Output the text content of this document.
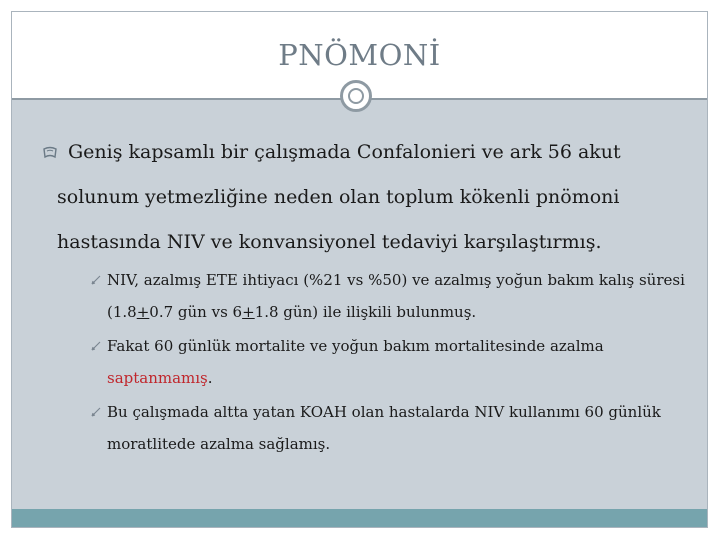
PNÖMONİ
Geniş kapsamlı bir çalışmada Confalonieri ve ark 56 akut
solunum yetmezliğine neden olan toplum kökenli pnömoni
hastasında NIV ve konvansiyonel tedaviyi karşılaştırmış.
NIV, azalmış ETE ihtiyacı (%21 vs %50) ve azalmış yoğun bakım kalış süresi
(1.8+0.7 gün vs 6+1.8 gün) ile ilişkili bulunmuş.
Fakat 60 günlük mortalite ve yoğun bakım mortalitesinde azalma
saptanmamış.
Bu çalışmada altta yatan KOAH olan hastalarda NIV kullanımı 60 günlük
moratlitede azalma sağlamış.
